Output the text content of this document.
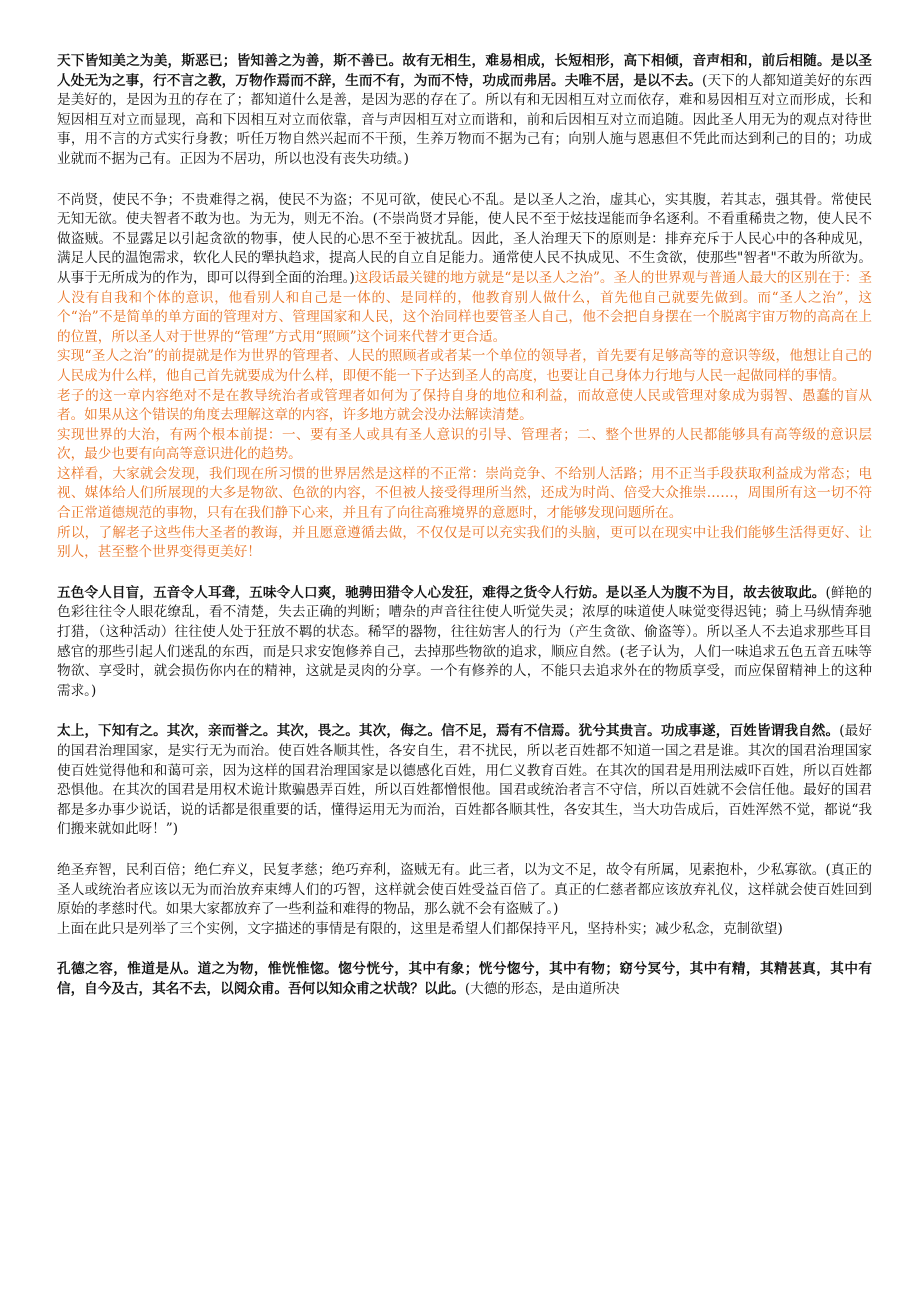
天下皆知美之为美，斯恶已；皆知善之为善，斯不善已。故有无相生，难易相成，长短相形，高下相倾，音声相和，前后相随。是以圣人处无为之事，行不言之教，万物作焉而不辞，生而不有，为而不恃，功成而弗居。夫唯不居，是以不去。(天下的人都知道美好的东西是美好的，是因为丑的存在了；都知道什么是善，是因为恶的存在了。所以有和无因相互对立而依存，难和易因相互对立而形成，长和短因相互对立而显现，高和下因相互对立而依靠，音与声因相互对立而谐和，前和后因相互对立而追随。因此圣人用无为的观点对待世事，用不言的方式实行身教；听任万物自然兴起而不干预，生养万物而不据为己有；向别人施与恩惠但不凭此而达到利己的目的；功成业就而不据为己有。正因为不居功，所以也没有丧失功绩。)

不尚贤，使民不争；不贵难得之祸，使民不为盗；不见可欲，使民心不乱。是以圣人之治，虚其心，实其腹，若其志，强其骨。常使民无知无欲。使夫智者不敢为也。为无为，则无不治。(不崇尚贤才异能，使人民不至于炫技逞能而争名逐利。不看重稀贵之物，使人民不做盗贼。不显露足以引起贪欲的物事，使人民的心思不至于被扰乱。因此，圣人治理天下的原则是：排弃充斥于人民心中的各种成见，满足人民的温饱需求，软化人民的犟执趋求，提高人民的自立自足能力。通常使人民不执成见、不生贪欲，使那些"智者"不敢为所欲为。从事于无所成为的作为，即可以得到全面的治理。)这段话最关键的地方就是“是以圣人之治”。圣人的世界观与普通人最大的区别在于：圣人没有自我和个体的意识，他看别人和自己是一体的、是同样的，他教育别人做什么，首先他自己就要先做到。而“圣人之治”，这个“治”不是简单的单方面的管理对方、管理国家和人民，这个治同样也要管圣人自己，他不会把自身摆在一个脱离宇宙万物的高高在上的位置，所以圣人对于世界的“管理”方式用“照顾”这个词来代替才更合适。

实现“圣人之治”的前提就是作为世界的管理者、人民的照顾者或者某一个单位的领导者，首先要有足够高等的意识等级，他想让自己的人民成为什么样，他自己首先就要成为什么样，即便不能一下子达到圣人的高度，也要让自己身体力行地与人民一起做同样的事情。

老子的这一章内容绝对不是在教导统治者或管理者如何为了保持自身的地位和利益，而故意使人民或管理对象成为弱智、愚蠢的盲从者。如果从这个错误的角度去理解这章的内容，许多地方就会没办法解读清楚。

实现世界的大治，有两个根本前提：一、要有圣人或具有圣人意识的引导、管理者；二、整个世界的人民都能够具有高等级的意识层次，最少也要有向高等意识进化的趋势。

这样看，大家就会发现，我们现在所习惯的世界居然是这样的不正常：崇尚竞争、不给别人活路；用不正当手段获取利益成为常态；电视、媒体给人们所展现的大多是物欲、色欲的内容，不但被人接受得理所当然，还成为时尚、倍受大众推崇……，周围所有这一切不符合正常道德规范的事物，只有在我们静下心来，并且有了向往高雅境界的意愿时，才能够发现问题所在。

所以，了解老子这些伟大圣者的教诲，并且愿意遵循去做，不仅仅是可以充实我们的头脑，更可以在现实中让我们能够生活得更好、让别人，甚至整个世界变得更美好！

五色令人目盲，五音令人耳聋，五味令人口爽，驰骋田猎令人心发狂，难得之货令人行妨。是以圣人为腹不为目，故去彼取此。(鲜艳的色彩往往令人眼花缭乱，看不清楚，失去正确的判断；嘈杂的声音往往使人听觉失灵；浓厚的味道使人味觉变得迟钝；骑上马纵情奔驰打猎，（这种活动）往往使人处于狂放不羁的状态。稀罕的器物，往往妨害人的行为（产生贪欲、偷盗等）。所以圣人不去追求那些耳目感官的那些引起人们迷乱的东西，而是只求安饱修养自己，去掉那些物欲的追求，顺应自然。(老子认为，人们一味追求五色五音五味等物欲、享受时，就会损伤你内在的精神，这就是灵肉的分享。一个有修养的人，不能只去追求外在的物质享受，而应保留精神上的这种需求。)

太上，下知有之。其次，亲而誉之。其次，畏之。其次，侮之。信不足，焉有不信焉。犹兮其贵言。功成事遂，百姓皆谓我自然。(最好的国君治理国家，是实行无为而治。使百姓各顺其性，各安自生，君不扰民，所以老百姓都不知道一国之君是谁。其次的国君治理国家使百姓觉得他和和蔼可亲，因为这样的国君治理国家是以德感化百姓，用仁义教育百姓。在其次的国君是用刑法威吓百姓，所以百姓都恐惧他。在其次的国君是用权术诡计欺骗愚弄百姓，所以百姓都憎恨他。国君或统治者言不守信，所以百姓就不会信任他。最好的国君都是多办事少说话，说的话都是很重要的话，懂得运用无为而治，百姓都各顺其性，各安其生，当大功告成后，百姓浑然不觉，都说“我们搬来就如此呀！”)

绝圣弃智，民利百倍；绝仁弃义，民复孝慈；绝巧弃利，盗贼无有。此三者，以为文不足，故令有所属，见素抱朴，少私寡欲。(真正的圣人或统治者应该以无为而治放弃束缚人们的巧智，这样就会使百姓受益百倍了。真正的仁慈者都应该放弃礼仪，这样就会使百姓回到原始的孝慈时代。如果大家都放弃了一些利益和难得的物品，那么就不会有盗贼了。)

上面在此只是列举了三个实例，文字描述的事情是有限的，这里是希望人们都保持平凡，坚持朴实；减少私念，克制欲望)

孔德之容，惟道是从。道之为物，惟恍惟惚。惚兮恍兮，其中有象；恍兮惚兮，其中有物；窈兮冥兮，其中有精，其精甚真，其中有信，自今及古，其名不去，以阅众甫。吾何以知众甫之状哉？以此。(大德的形态，是由道所决
